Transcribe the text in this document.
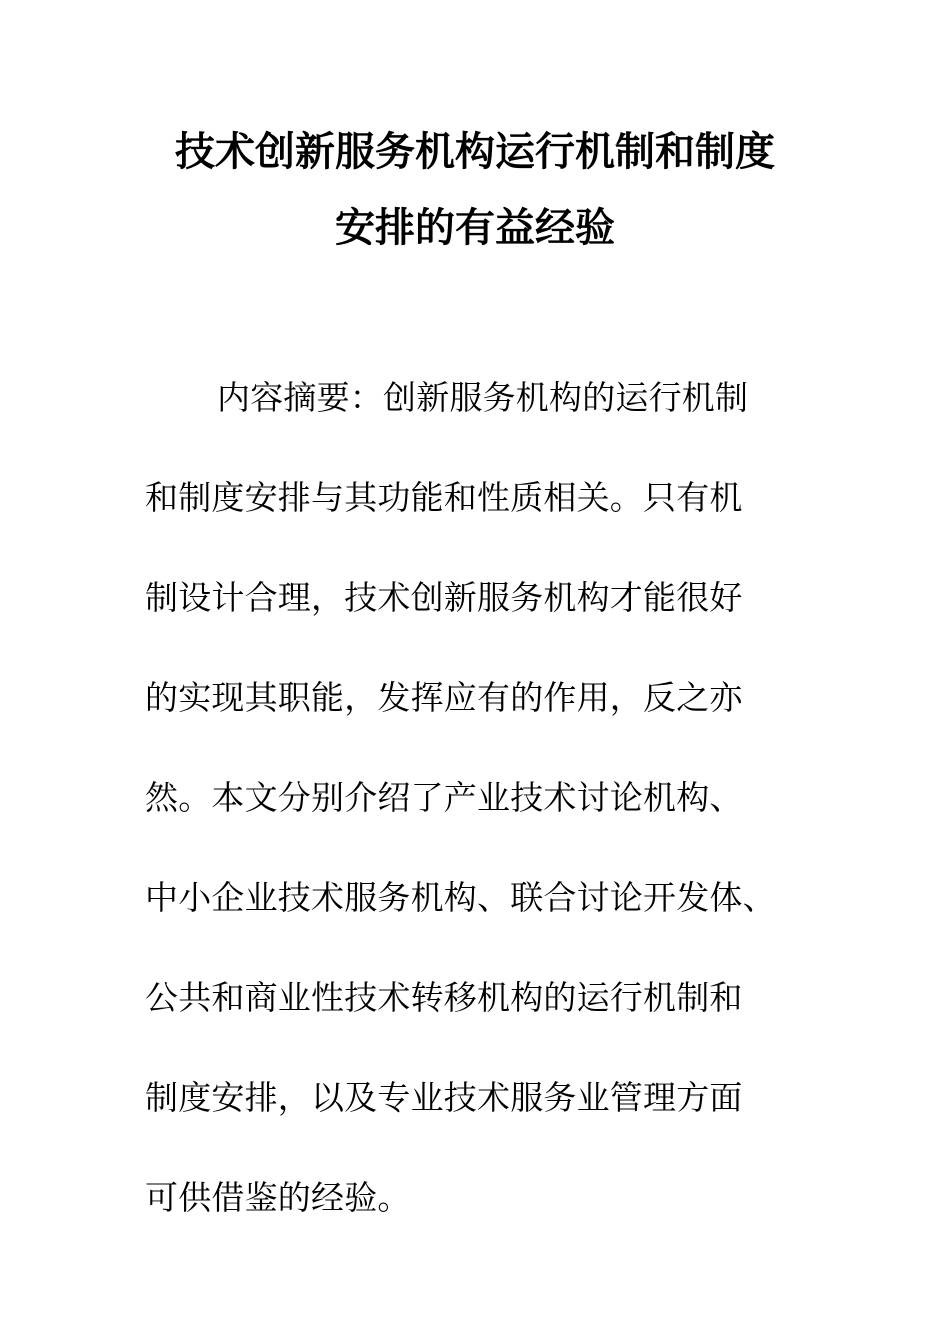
技术创新服务机构运行机制和制度
安排的有益经验
内容摘要：创新服务机构的运行机制
和制度安排与其功能和性质相关。只有机
制设计合理，技术创新服务机构才能很好
的实现其职能，发挥应有的作用，反之亦
然。本文分别介绍了产业技术讨论机构、
中小企业技术服务机构、联合讨论开发体、
公共和商业性技术转移机构的运行机制和
制度安排，以及专业技术服务业管理方面
可供借鉴的经验。
